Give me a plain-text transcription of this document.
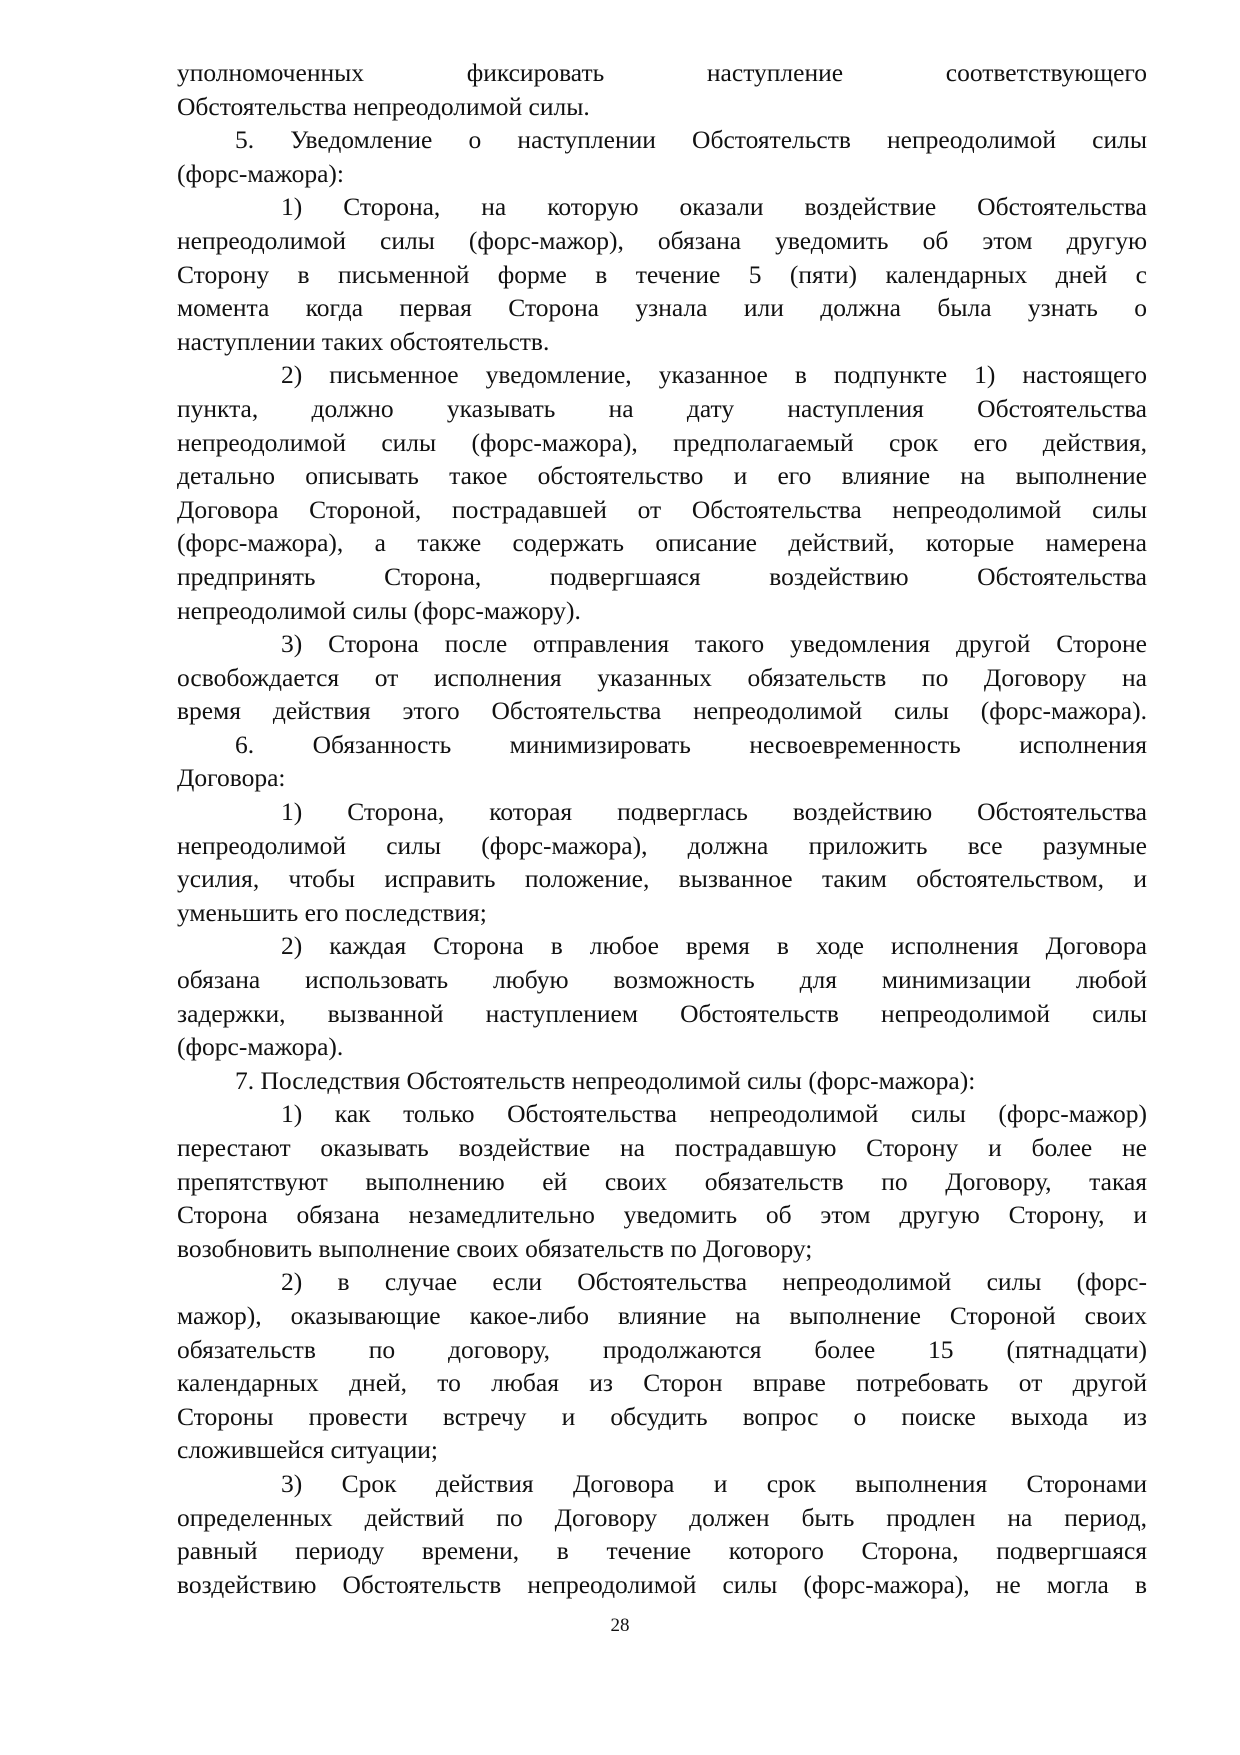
уполномоченных фиксировать наступление соответствующего
Обстоятельства непреодолимой силы.
5. Уведомление о наступлении Обстоятельств непреодолимой силы
(форс-мажора):
1) Сторона, на которую оказали воздействие Обстоятельства
непреодолимой силы (форс-мажор), обязана уведомить об этом другую
Сторону в письменной форме в течение 5 (пяти) календарных дней с
момента когда первая Сторона узнала или должна была узнать о
наступлении таких обстоятельств.
2) письменное уведомление, указанное в подпункте 1) настоящего
пункта, должно указывать на дату наступления Обстоятельства
непреодолимой силы (форс-мажора), предполагаемый срок его действия,
детально описывать такое обстоятельство и его влияние на выполнение
Договора Стороной, пострадавшей от Обстоятельства непреодолимой силы
(форс-мажора), а также содержать описание действий, которые намерена
предпринять Сторона, подвергшаяся воздействию Обстоятельства
непреодолимой силы (форс-мажору).
3) Сторона после отправления такого уведомления другой Стороне
освобождается от исполнения указанных обязательств по Договору на
время действия этого Обстоятельства непреодолимой силы (форс-мажора).
6. Обязанность минимизировать несвоевременность исполнения
Договора:
1) Сторона, которая подверглась воздействию Обстоятельства
непреодолимой силы (форс-мажора), должна приложить все разумные
усилия, чтобы исправить положение, вызванное таким обстоятельством, и
уменьшить его последствия;
2) каждая Сторона в любое время в ходе исполнения Договора
обязана использовать любую возможность для минимизации любой
задержки, вызванной наступлением Обстоятельств непреодолимой силы
(форс-мажора).
7. Последствия Обстоятельств непреодолимой силы (форс-мажора):
1) как только Обстоятельства непреодолимой силы (форс-мажор)
перестают оказывать воздействие на пострадавшую Сторону и более не
препятствуют выполнению ей своих обязательств по Договору, такая
Сторона обязана незамедлительно уведомить об этом другую Сторону, и
возобновить выполнение своих обязательств по Договору;
2) в случае если Обстоятельства непреодолимой силы (форс-
мажор), оказывающие какое-либо влияние на выполнение Стороной своих
обязательств по договору, продолжаются более 15 (пятнадцати)
календарных дней, то любая из Сторон вправе потребовать от другой
Стороны провести встречу и обсудить вопрос о поиске выхода из
сложившейся ситуации;
3) Срок действия Договора и срок выполнения Сторонами
определенных действий по Договору должен быть продлен на период,
равный периоду времени, в течение которого Сторона, подвергшаяся
воздействию Обстоятельств непреодолимой силы (форс-мажора), не могла в
28
